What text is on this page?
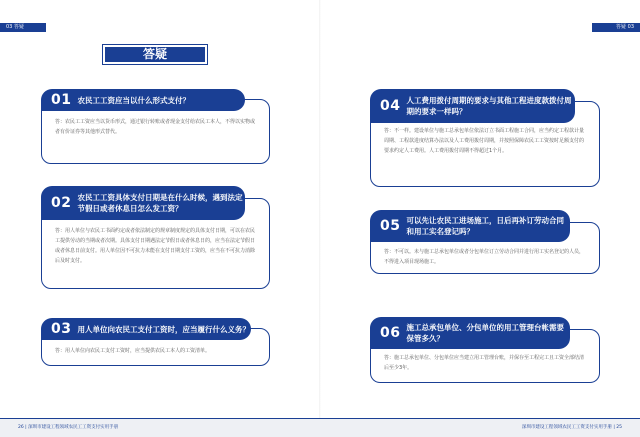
03 答疑	答疑 03
答疑
01 农民工工资应当以什么形式支付？
答：农民工工资应当以货币形式，通过银行转账或者现金支付给农民工本人，不得以实物或者有价证券等其他形式替代。
02 农民工工资具体支付日期是在什么时候，遇到法定节假日或者休息日怎么发工资？
答：用人单位与农民工书面约定或者依法制定的规章制度规定的具体支付日期，可以在农民工提供劳动的当期或者次期。具体支付日期遇法定节假日或者休息日的，应当在法定节假日或者休息日前支付。用人单位因不可抗力未能在支付日期支付工资的，应当在不可抗力消除后及时支付。
03 用人单位向农民工支付工资时，应当履行什么义务？
答：用人单位向农民工支付工资时，应当提供农民工本人的工资清单。
04 人工费用拨付周期的要求与其他工程进度款拨付周期的要求一样吗？
答：不一样。建设单位与施工总承包单位依法订立书面工程施工合同，应当约定工程款计量周期、工程款进度结算办法以及人工费用拨付周期，并按照保障农民工工资按时足额支付的要求约定人工费用。人工费用拨付周期不得超过1个月。
05 可以先让农民工进场施工，日后再补订劳动合同和用工实名登记吗？
答：不可以。未与施工总承包单位或者分包单位订立劳动合同并进行用工实名登记的人员，不得进入项目现场施工。
06 施工总承包单位、分包单位的用工管理台帐需要保管多久？
答：施工总承包单位、分包单位应当建立用工管理台账，并保存至工程完工且工资全部结清后至少3年。
26 | 深圳市建设工程领域农民工工资支付实用手册	深圳市建设工程领域农民工工资支付实用手册 | 25
